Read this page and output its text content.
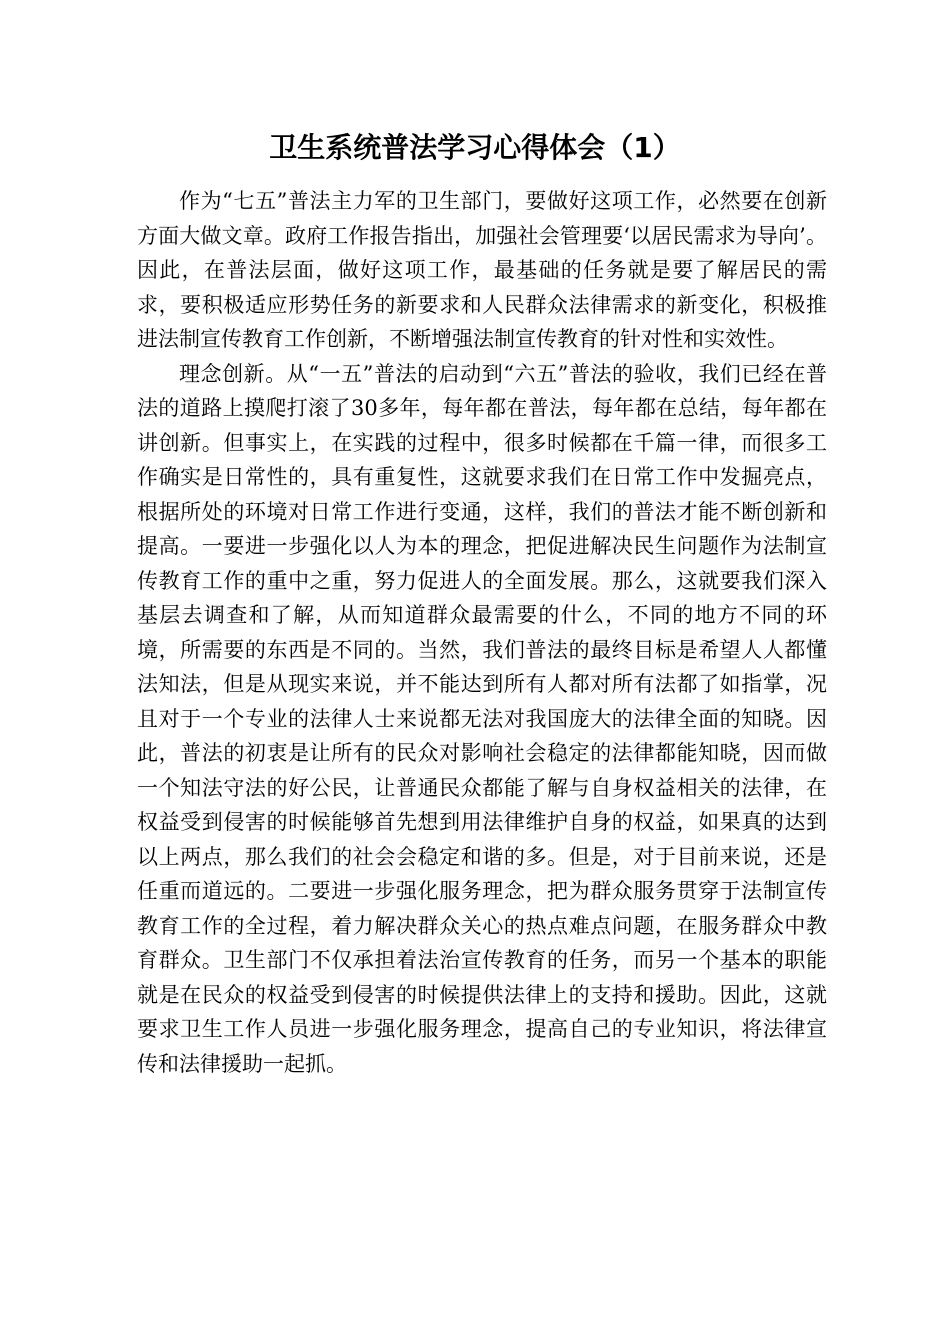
卫生系统普法学习心得体会（1）

作为“七五”普法主力军的卫生部门，要做好这项工作，必然要在创新方面大做文章。政府工作报告指出，加强社会管理要‘以居民需求为导向’。因此，在普法层面，做好这项工作，最基础的任务就是要了解居民的需求，要积极适应形势任务的新要求和人民群众法律需求的新变化，积极推进法制宣传教育工作创新，不断增强法制宣传教育的针对性和实效性。

理念创新。从“一五”普法的启动到“六五”普法的验收，我们已经在普法的道路上摸爬打滚了30多年，每年都在普法，每年都在总结，每年都在讲创新。但事实上，在实践的过程中，很多时候都在千篇一律，而很多工作确实是日常性的，具有重复性，这就要求我们在日常工作中发掘亮点，根据所处的环境对日常工作进行变通，这样，我们的普法才能不断创新和提高。一要进一步强化以人为本的理念，把促进解决民生问题作为法制宣传教育工作的重中之重，努力促进人的全面发展。那么，这就要我们深入基层去调查和了解，从而知道群众最需要的什么，不同的地方不同的环境，所需要的东西是不同的。当然，我们普法的最终目标是希望人人都懂法知法，但是从现实来说，并不能达到所有人都对所有法都了如指掌，况且对于一个专业的法律人士来说都无法对我国庞大的法律全面的知晓。因此，普法的初衷是让所有的民众对影响社会稳定的法律都能知晓，因而做一个知法守法的好公民，让普通民众都能了解与自身权益相关的法律，在权益受到侵害的时候能够首先想到用法律维护自身的权益，如果真的达到以上两点，那么我们的社会会稳定和谐的多。但是，对于目前来说，还是任重而道远的。二要进一步强化服务理念，把为群众服务贯穿于法制宣传教育工作的全过程，着力解决群众关心的热点难点问题，在服务群众中教育群众。卫生部门不仅承担着法治宣传教育的任务，而另一个基本的职能就是在民众的权益受到侵害的时候提供法律上的支持和援助。因此，这就要求卫生工作人员进一步强化服务理念，提高自己的专业知识，将法律宣传和法律援助一起抓。
